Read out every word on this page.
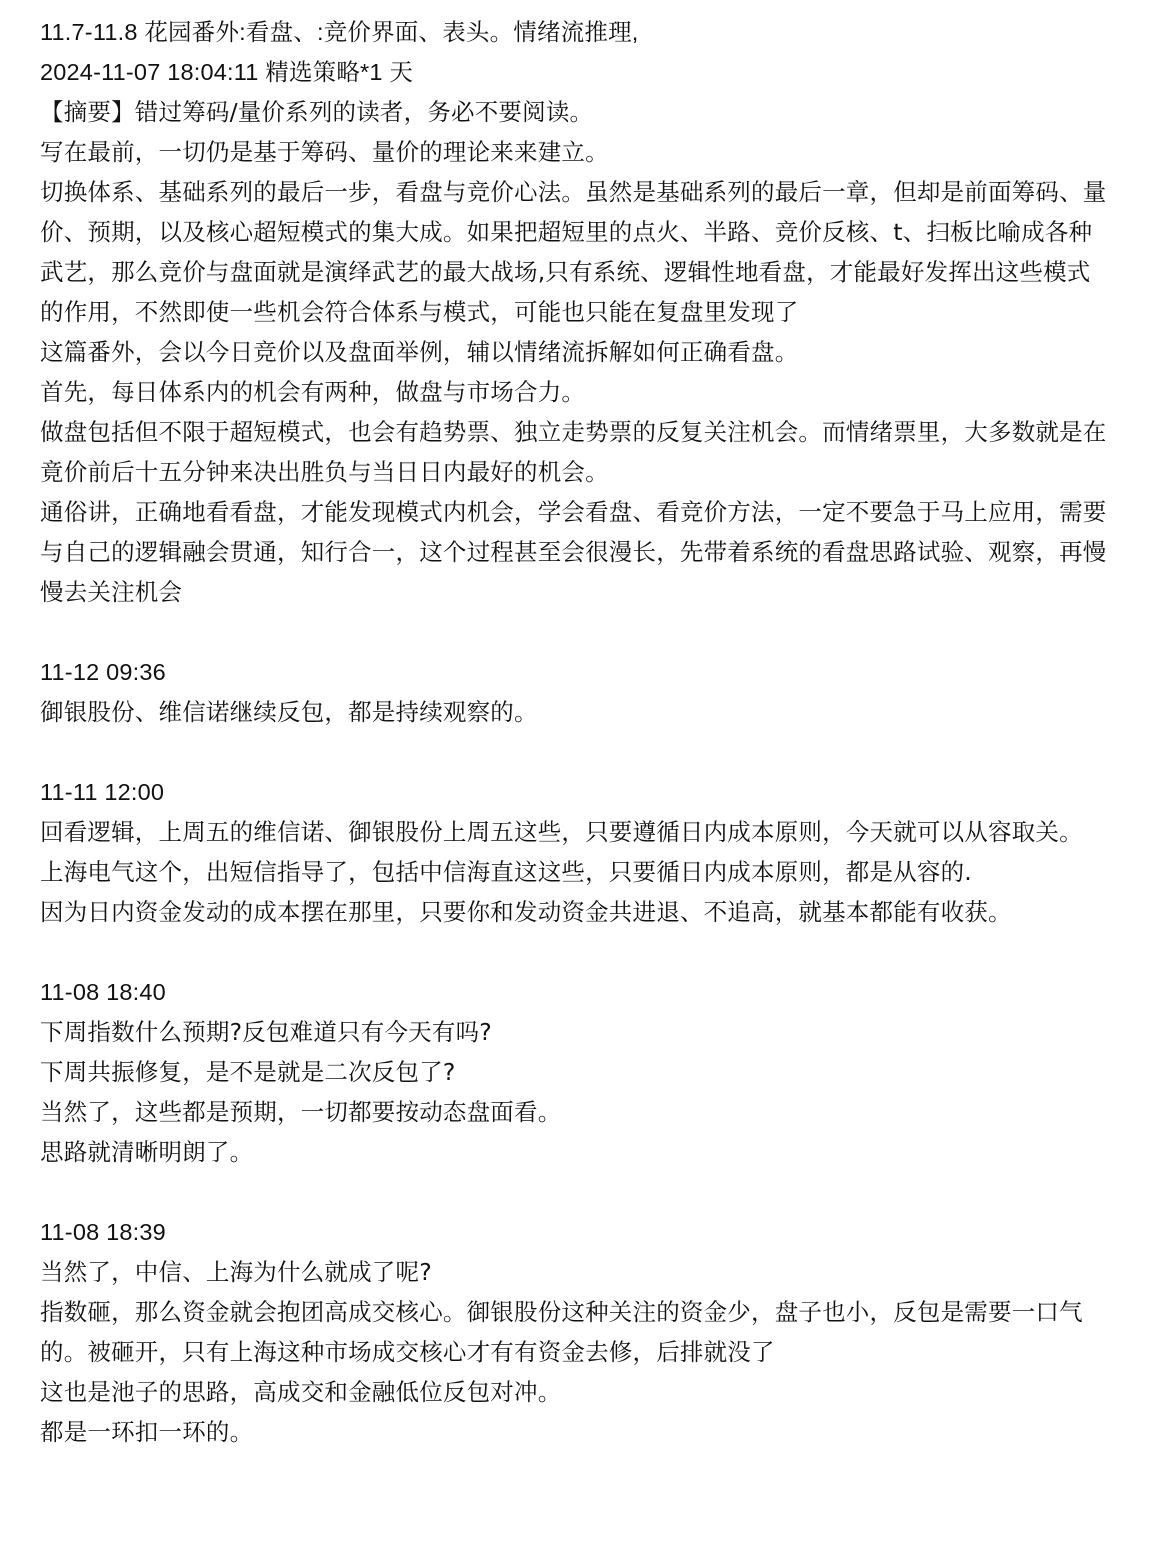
11.7-11.8 花园番外:看盘、:竞价界面、表头。情绪流推理,

2024-11-07 18:04:11 精选策略*1 天

【摘要】错过筹码/量价系列的读者，务必不要阅读。

写在最前，一切仍是基于筹码、量价的理论来来建立。

切换体系、基础系列的最后一步，看盘与竞价心法。虽然是基础系列的最后一章，但却是前面筹码、量价、预期，以及核心超短模式的集大成。如果把超短里的点火、半路、竞价反核、t、扫板比喻成各种武艺，那么竞价与盘面就是演绎武艺的最大战场,只有系统、逻辑性地看盘，才能最好发挥出这些模式的作用，不然即使一些机会符合体系与模式，可能也只能在复盘里发现了

这篇番外，会以今日竞价以及盘面举例，辅以情绪流拆解如何正确看盘。

首先，每日体系内的机会有两种，做盘与市场合力。

做盘包括但不限于超短模式，也会有趋势票、独立走势票的反复关注机会。而情绪票里，大多数就是在竟价前后十五分钟来决出胜负与当日日内最好的机会。

通俗讲，正确地看看盘，才能发现模式内机会，学会看盘、看竞价方法，一定不要急于马上应用，需要与自己的逻辑融会贯通，知行合一，这个过程甚至会很漫长，先带着系统的看盘思路试验、观察，再慢慢去关注机会

11-12 09:36

御银股份、维信诺继续反包，都是持续观察的。

11-11 12:00

回看逻辑，上周五的维信诺、御银股份上周五这些，只要遵循日内成本原则，今天就可以从容取关。

上海电气这个，出短信指导了，包括中信海直这这些，只要循日内成本原则，都是从容的.

因为日内资金发动的成本摆在那里，只要你和发动资金共进退、不追高，就基本都能有收获。

11-08 18:40

下周指数什么预期?反包难道只有今天有吗?

下周共振修复，是不是就是二次反包了?

当然了，这些都是预期，一切都要按动态盘面看。

思路就清晰明朗了。

11-08 18:39

当然了，中信、上海为什么就成了呢?

指数砸，那么资金就会抱团高成交核心。御银股份这种关注的资金少，盘子也小，反包是需要一口气的。被砸开，只有上海这种市场成交核心才有有资金去修，后排就没了

这也是池子的思路，高成交和金融低位反包对冲。

都是一环扣一环的。
